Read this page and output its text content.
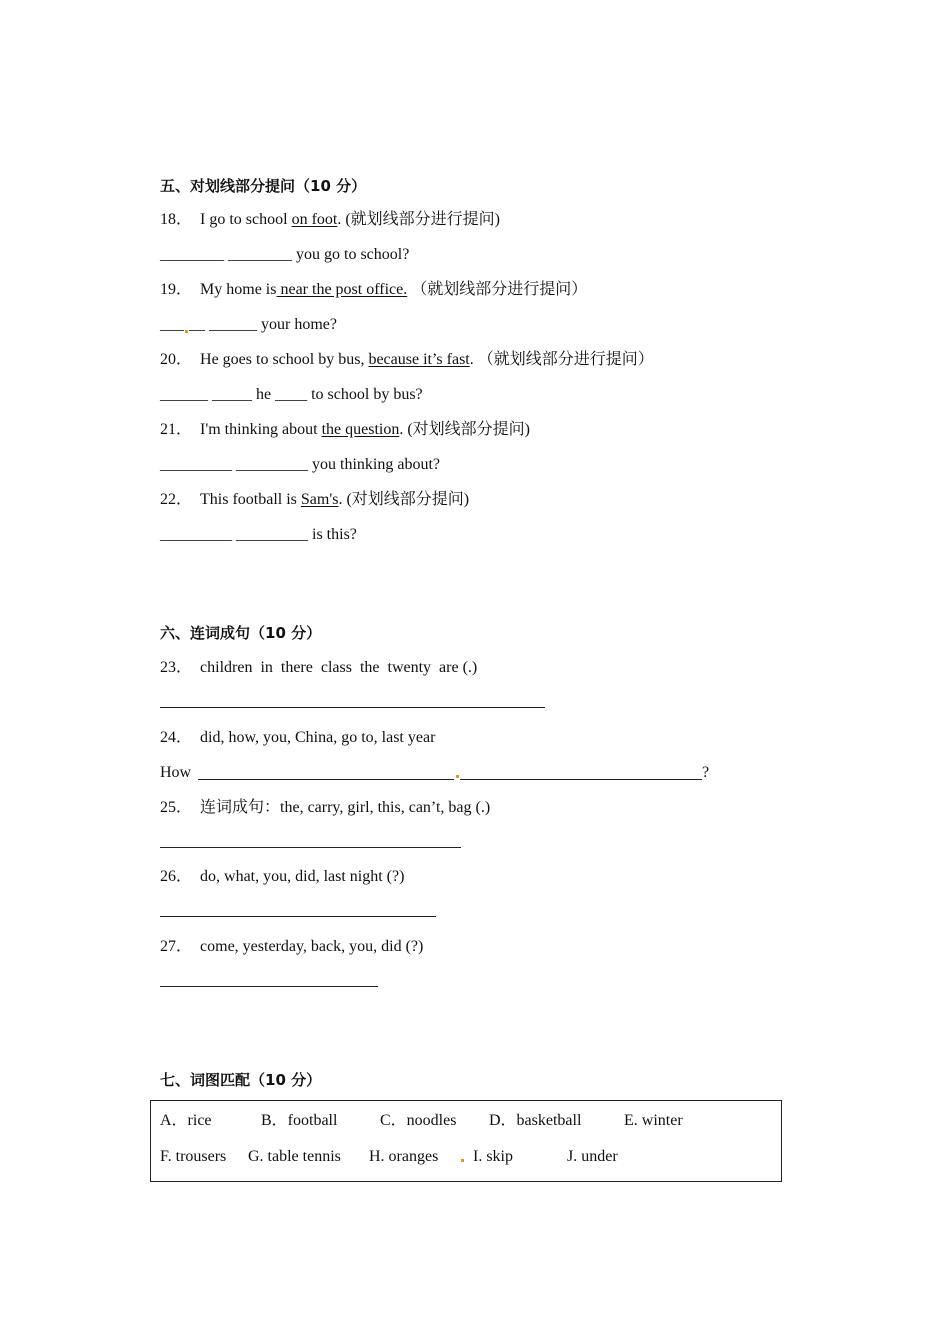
五、对划线部分提问（10 分）
18． I go to school on foot. (就划线部分进行提问)
________ ________ you go to school?
19． My home is near the post office. （就划线部分进行提问）
___ __ ______ your home?
20． He goes to school by bus, because it’s fast. （就划线部分进行提问）
______ _____ he ____ to school by bus?
21． I'm thinking about the question. (对划线部分提问)
_________ _________ you thinking about?
22． This football is Sam's. (对划线部分提问)
_________ _________ is this?
六、连词成句（10 分）
23． children  in  there  class  the  twenty  are (.)
24． did, how, you, China, go to, last year
How	?
25． 连词成句：the, carry, girl, this, can’t, bag (.)
26． do, what, you, did, last night (?)
27． come, yesterday, back, you, did (?)
七、词图匹配（10 分）
A．rice	B．football	C．noodles D．basketball	E. winter
F. trousers G. table tennis H. oranges I. skip	J. under
